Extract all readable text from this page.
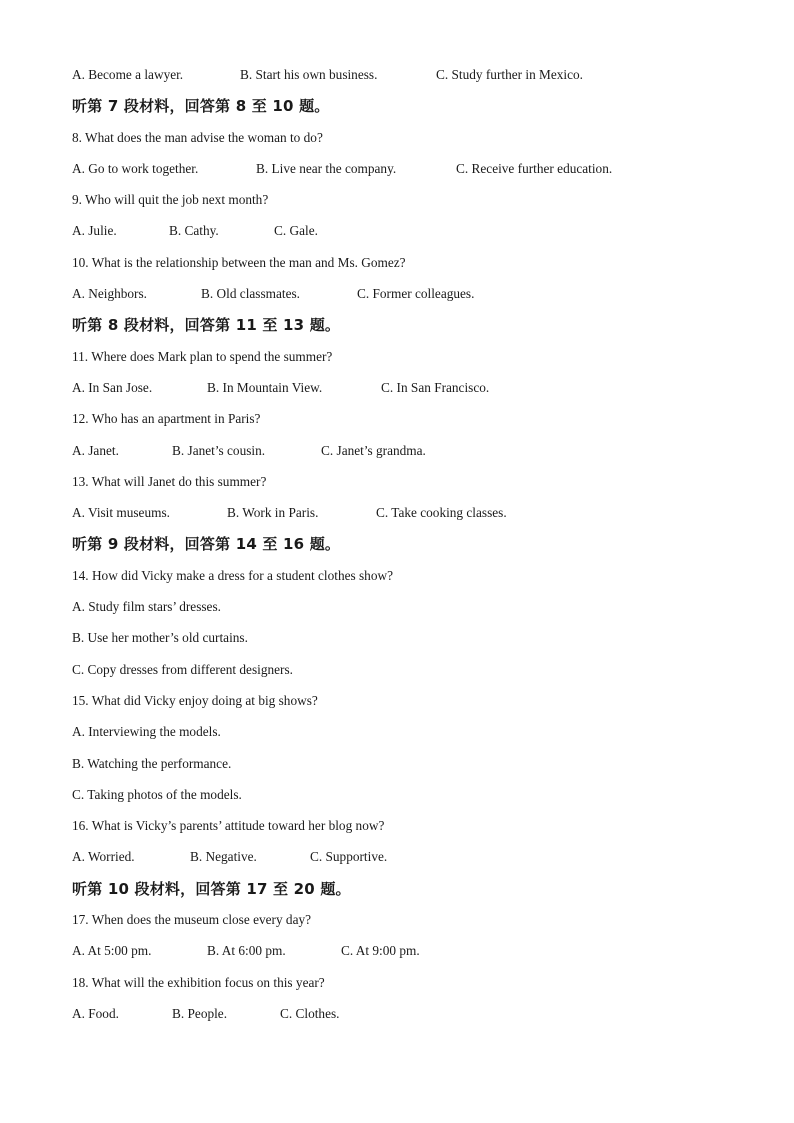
A. Become a lawyer.	B. Start his own business.	C. Study further in Mexico.
听第 7 段材料，回答第 8 至 10 题。
8. What does the man advise the woman to do?
A. Go to work together.	B. Live near the company.	C. Receive further education.
9. Who will quit the job next month?
A. Julie.	B. Cathy.	C. Gale.
10. What is the relationship between the man and Ms. Gomez?
A. Neighbors.	B. Old classmates.	C. Former colleagues.
听第 8 段材料，回答第 11 至 13 题。
11. Where does Mark plan to spend the summer?
A. In San Jose.	B. In Mountain View.	C. In San Francisco.
12. Who has an apartment in Paris?
A. Janet.	B. Janet’s cousin.	C. Janet’s grandma.
13. What will Janet do this summer?
A. Visit museums.	B. Work in Paris.	C. Take cooking classes.
听第 9 段材料，回答第 14 至 16 题。
14. How did Vicky make a dress for a student clothes show?
A. Study film stars’ dresses.
B. Use her mother’s old curtains.
C. Copy dresses from different designers.
15. What did Vicky enjoy doing at big shows?
A. Interviewing the models.
B. Watching the performance.
C. Taking photos of the models.
16. What is Vicky’s parents’ attitude toward her blog now?
A. Worried.	B. Negative.	C. Supportive.
听第 10 段材料，回答第 17 至 20 题。
17. When does the museum close every day?
A. At 5:00 pm.	B. At 6:00 pm.	C. At 9:00 pm.
18. What will the exhibition focus on this year?
A. Food.	B. People.	C. Clothes.
